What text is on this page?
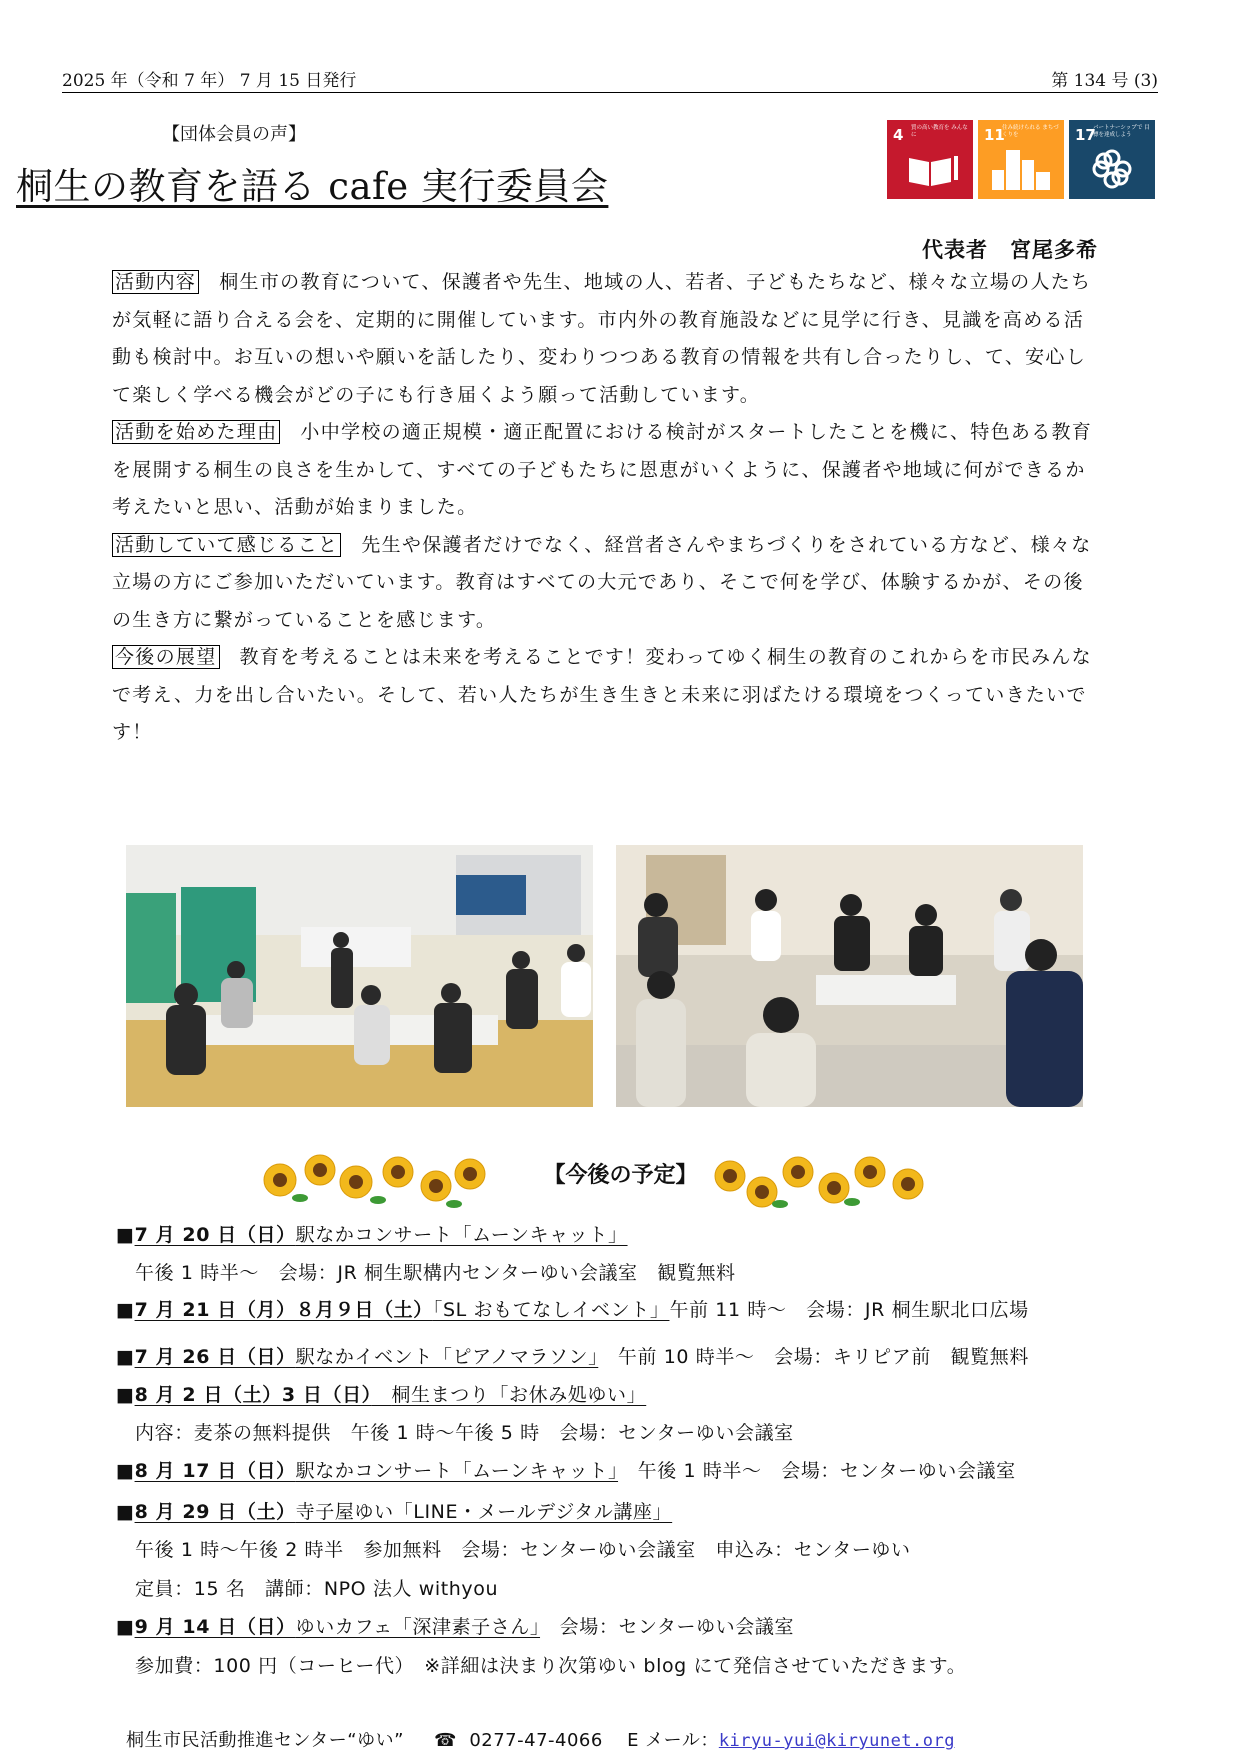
2025 年（令和 7 年） 7 月 15 日発行	第 134 号 (3)
【団体会員の声】
桐生の教育を語る cafe 実行委員会
4 質の高い教育を みんなに	11
住み続けられる まちづくりを	17
パートナーシップで 目標を達成しよう
代表者　宮尾多希

活動内容 桐生市の教育について、保護者や先生、地域の人、若者、子どもたちなど、様々な立場の人たちが気軽に語り合える会を、定期的に開催しています。市内外の教育施設などに見学に行き、見識を高める活動も検討中。お互いの想いや願いを話したり、変わりつつある教育の情報を共有し合ったりし、て、安心して楽しく学べる機会がどの子にも行き届くよう願って活動しています。

活動を始めた理由 小中学校の適正規模・適正配置における検討がスタートしたことを機に、特色ある教育を展開する桐生の良さを生かして、すべての子どもたちに恩恵がいくように、保護者や地域に何ができるか考えたいと思い、活動が始まりました。

活動していて感じること 先生や保護者だけでなく、経営者さんやまちづくりをされている方など、様々な立場の方にご参加いただいています。教育はすべての大元であり、そこで何を学び、体験するかが、その後の生き方に繋がっていることを感じます。

今後の展望 教育を考えることは未来を考えることです！変わってゆく桐生の教育のこれからを市民みんなで考え、力を出し合いたい。そして、若い人たちが生き生きと未来に羽ばたける環境をつくっていきたいです！

【今後の予定】
■7 月 20 日（日）駅なかコンサート「ムーンキャット」
午後 1 時半～　会場：JR 桐生駅構内センターゆい会議室　観覧無料
■7 月 21 日（月）８月９日（土）「SL おもてなしイベント」午前 11 時～　会場：JR 桐生駅北口広場
■7 月 26 日（日）駅なかイベント「ピアノマラソン」　 午前 10 時半～　会場：キリピア前　観覧無料
■8 月 2 日（土）3 日（日）　 桐生まつり「お休み処ゆい」
内容：麦茶の無料提供　午後 1 時～午後 5 時　会場：センターゆい会議室
■8 月 17 日（日）駅なかコンサート「ムーンキャット」　 午後 1 時半～　会場：センターゆい会議室
■8 月 29 日（土）寺子屋ゆい「LINE・メールデジタル講座」
午後 1 時～午後 2 時半　参加無料　会場：センターゆい会議室　申込み：センターゆい
定員：15 名　講師：NPO 法人 withyou
■9 月 14 日（日）ゆいカフェ「深津素子さん」　 会場：センターゆい会議室
参加費：100 円（コーヒー代）　※詳細は決まり次第ゆい blog にて発信させていただきます。
桐生市民活動推進センター“ゆい” ☎ 0277-47-4066 E メール：kiryu-yui@kiryunet.org
